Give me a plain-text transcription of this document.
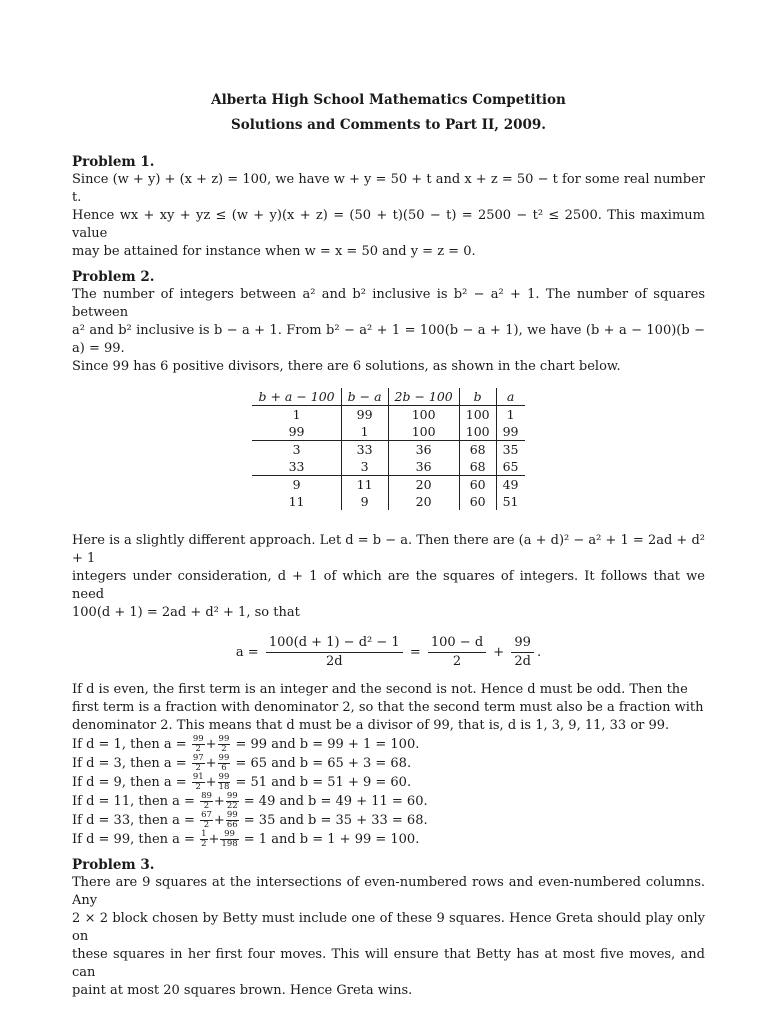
Alberta High School Mathematics Competition
Solutions and Comments to Part II, 2009.
Problem 1.
Since (w + y) + (x + z) = 100, we have w + y = 50 + t and x + z = 50 − t for some real number t.
Hence wx + xy + yz ≤ (w + y)(x + z) = (50 + t)(50 − t) = 2500 − t² ≤ 2500. This maximum value
may be attained for instance when w = x = 50 and y = z = 0.
Problem 2.
The number of integers between a² and b² inclusive is b² − a² + 1. The number of squares between
a² and b² inclusive is b − a + 1. From b² − a² + 1 = 100(b − a + 1), we have (b + a − 100)(b − a) = 99.
Since 99 has 6 positive divisors, there are 6 solutions, as shown in the chart below.
b + a − 100	b − a	2b − 100	b	a
1	99	100	100	1
99	1	100	100	99
3	33	36	68	35
33	3	36	68	65
9	11	20	60	49
11	9	20	60	51
Here is a slightly different approach. Let d = b − a. Then there are (a + d)² − a² + 1 = 2ad + d² + 1
integers under consideration, d + 1 of which are the squares of integers. It follows that we need
100(d + 1) = 2ad + d² + 1, so that
$a = \frac{\text{100(d + 1) − d² − 1}}{2d} = \frac{100 - d}{2} + \frac{99}{2d}$ .
If d is even, the first term is an integer and the second is not. Hence d must be odd. Then the
first term is a fraction with denominator 2, so that the second term must also be a fraction with
denominator 2. This means that d must be a divisor of 99, that is, d is 1, 3, 9, 11, 33 or 99.
If d = 1, then $a = \frac{99}{2} + \frac{99}{2} = 99$ and b = 99 + 1 = 100.
If d = 3, then $a = \frac{97}{2} + \frac{99}{6} = 65$ and b = 65 + 3 = 68.
If d = 9, then $a = \frac{91}{2} + \frac{99}{18} = 51$ and b = 51 + 9 = 60.
If d = 11, then $a = \frac{89}{2} + \frac{99}{22} = 49$ and b = 49 + 11 = 60.
If d = 33, then $a = \frac{67}{2} + \frac{99}{66} = 35$ and b = 35 + 33 = 68.
If d = 99, then $a = \frac{1}{2} + \frac{99}{198} = 1$ and b = 1 + 99 = 100.
Problem 3.
There are 9 squares at the intersections of even-numbered rows and even-numbered columns. Any
2 × 2 block chosen by Betty must include one of these 9 squares. Hence Greta should play only on
these squares in her first four moves. This will ensure that Betty has at most five moves, and can
paint at most 20 squares brown. Hence Greta wins.
